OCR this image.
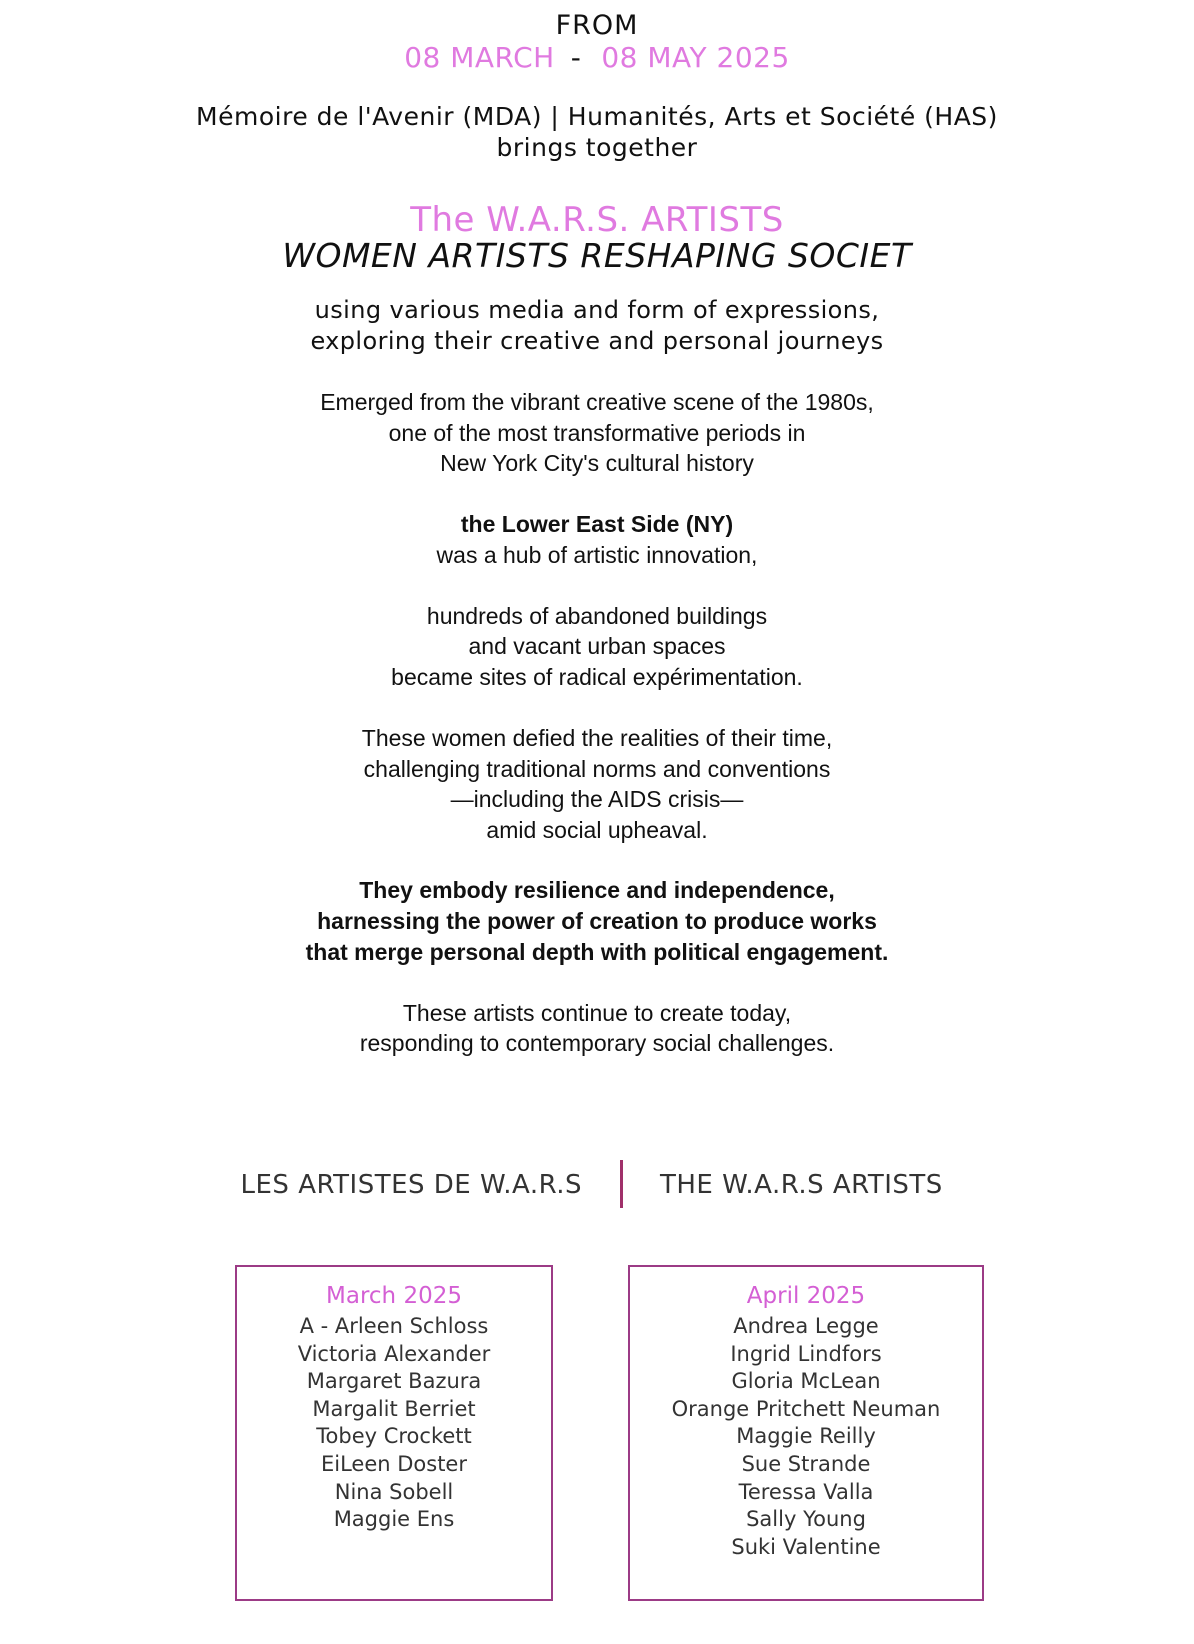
FROM
08 MARCH - 08 MAY 2025
Mémoire de l'Avenir (MDA) | Humanités, Arts et Société (HAS)
brings together
The W.A.R.S. ARTISTS
WOMEN ARTISTS RESHAPING SOCIET
using various media and form of expressions,
exploring their creative and personal journeys
Emerged from the vibrant creative scene of the 1980s,
one of the most transformative periods in
New York City's cultural history
the Lower East Side (NY)
was a hub of artistic innovation,
hundreds of abandoned buildings
and vacant urban spaces
became sites of radical expérimentation.
These women defied the realities of their time,
challenging traditional norms and conventions
—including the AIDS crisis—
amid social upheaval.
They embody resilience and independence,
harnessing the power of creation to produce works
that merge personal depth with political engagement.
These artists continue to create today,
responding to contemporary social challenges.
LES ARTISTES DE W.A.R.S	THE W.A.R.S ARTISTS
March 2025
A - Arleen Schloss
Victoria Alexander
Margaret Bazura
Margalit Berriet
Tobey Crockett
EiLeen Doster
Nina Sobell
Maggie Ens
April 2025
Andrea Legge
Ingrid Lindfors
Gloria McLean
Orange Pritchett Neuman
Maggie Reilly
Sue Strande
Teressa Valla
Sally Young
Suki Valentine
